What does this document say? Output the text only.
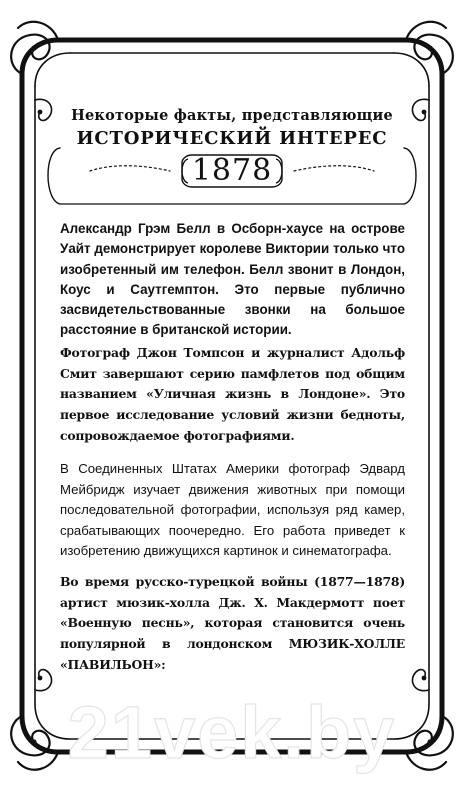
Некоторые факты, представляющие
ИСТОРИЧЕСКИЙ ИНТЕРЕС
1878
Александр Грэм Белл в Осборн-хаусе на острове Уайт демонстрирует королеве Виктории только что изобретенный им телефон. Белл звонит в Лондон, Коус и Саутгемптон. Это первые публично засвидетельствованные звонки на большое расстояние в британской истории.
Фотограф Джон Томпсон и журналист Адольф Смит завершают серию памфлетов под общим названием «Уличная жизнь в Лондоне». Это первое исследование условий жизни бедноты, сопровождаемое фотографиями.
В Соединенных Штатах Америки фотограф Эдвард Мейбридж изучает движения животных при помощи последовательной фотографии, используя ряд камер, срабатывающих поочередно. Его работа приведет к изобретению движущихся картинок и синематографа.
Во время русско-турецкой войны (1877—1878) артист мюзик-холла Дж. Х. Макдермотт поет «Военную песнь», которая становится очень популярной в лондонском МЮЗИК-ХОЛЛЕ «ПАВИЛЬОН»:
21vek.by
